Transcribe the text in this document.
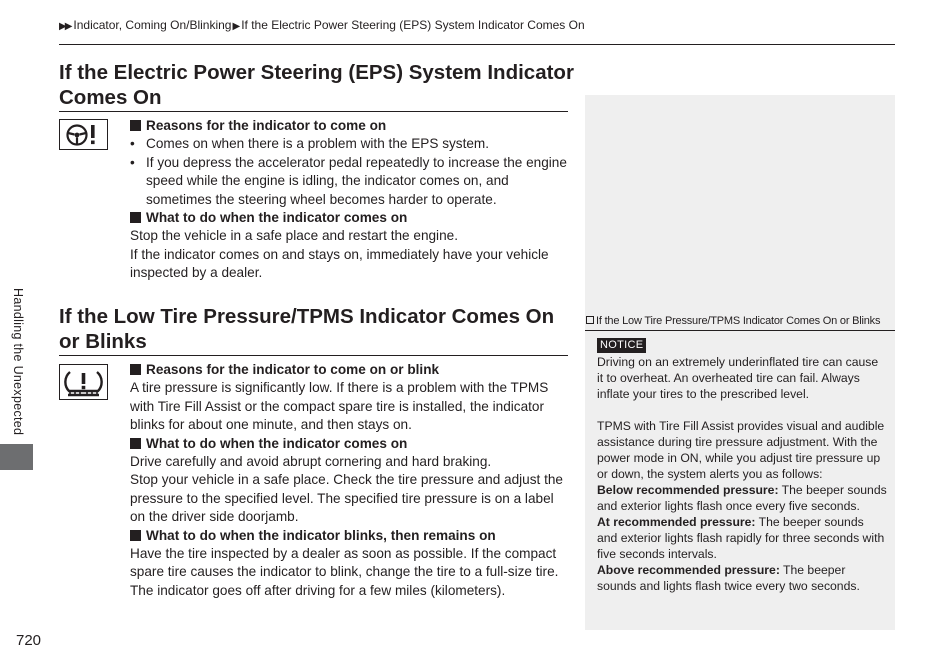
▶▶ Indicator, Coming On/Blinking▶If the Electric Power Steering (EPS) System Indicator Comes On
If the Electric Power Steering (EPS) System Indicator Comes On

Reasons for the indicator to come on

• Comes on when there is a problem with the EPS system.

• If you depress the accelerator pedal repeatedly to increase the engine speed while the engine is idling, the indicator comes on, and sometimes the steering wheel becomes harder to operate.

What to do when the indicator comes on

Stop the vehicle in a safe place and restart the engine.

If the indicator comes on and stays on, immediately have your vehicle inspected by a dealer.

If the Low Tire Pressure/TPMS Indicator Comes On or Blinks

Reasons for the indicator to come on or blink

A tire pressure is significantly low. If there is a problem with the TPMS with Tire Fill Assist or the compact spare tire is installed, the indicator blinks for about one minute, and then stays on.

What to do when the indicator comes on

Drive carefully and avoid abrupt cornering and hard braking.

Stop your vehicle in a safe place. Check the tire pressure and adjust the pressure to the specified level. The specified tire pressure is on a label on the driver side doorjamb.

What to do when the indicator blinks, then remains on

Have the tire inspected by a dealer as soon as possible. If the compact spare tire causes the indicator to blink, change the tire to a full-size tire. The indicator goes off after driving for a few miles (kilometers).

If the Low Tire Pressure/TPMS Indicator Comes On or Blinks
NOTICE

Driving on an extremely underinflated tire can cause it to overheat. An overheated tire can fail. Always inflate your tires to the prescribed level.

TPMS with Tire Fill Assist provides visual and audible assistance during tire pressure adjustment. With the power mode in ON, while you adjust tire pressure up or down, the system alerts you as follows:

Below recommended pressure: The beeper sounds and exterior lights flash once every five seconds.

At recommended pressure: The beeper sounds and exterior lights flash rapidly for three seconds with five seconds intervals.

Above recommended pressure: The beeper sounds and lights flash twice every two seconds.

Handling the Unexpected
720
